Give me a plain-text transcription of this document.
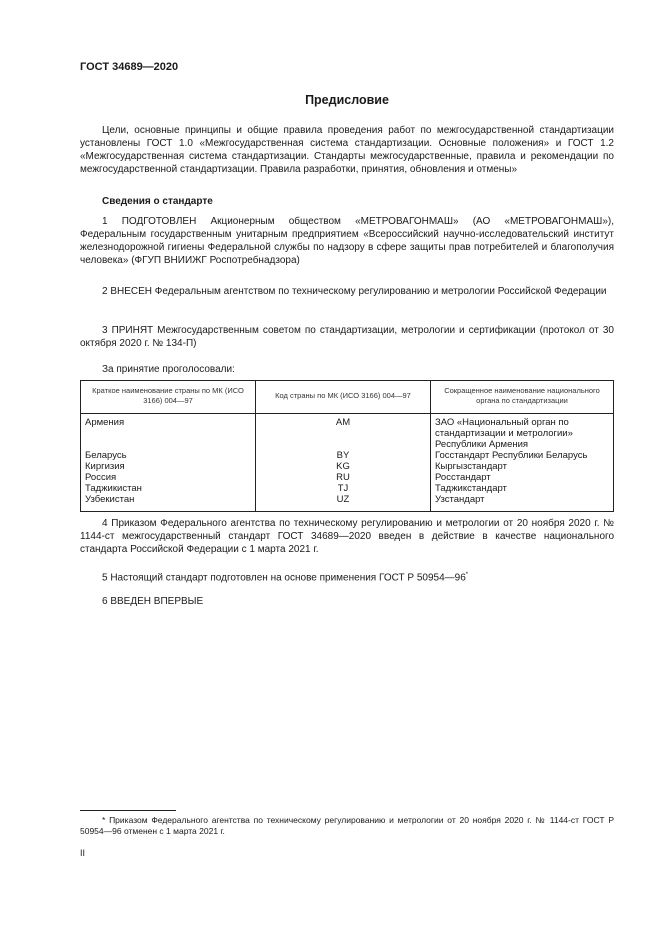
ГОСТ 34689—2020
Предисловие

Цели, основные принципы и общие правила проведения работ по межгосударственной стандартизации установлены ГОСТ 1.0 «Межгосударственная система стандартизации. Основные положения» и ГОСТ 1.2 «Межгосударственная система стандартизации. Стандарты межгосударственные, правила и рекомендации по межгосударственной стандартизации. Правила разработки, принятия, обновления и отмены»

Сведения о стандарте

1 ПОДГОТОВЛЕН Акционерным обществом «МЕТРОВАГОНМАШ» (АО «МЕТРОВАГОНМАШ»), Федеральным государственным унитарным предприятием «Всероссийский научно-исследовательский институт железнодорожной гигиены Федеральной службы по надзору в сфере защиты прав потребителей и благополучия человека» (ФГУП ВНИИЖГ Роспотребнадзора)

2 ВНЕСЕН Федеральным агентством по техническому регулированию и метрологии Российской Федерации

3 ПРИНЯТ Межгосударственным советом по стандартизации, метрологии и сертификации (протокол от 30 октября 2020 г. № 134-П)

За принятие проголосовали:
Краткое наименование страны по МК (ИСО 3166) 004—97	Код страны по МК (ИСО 3166) 004—97	Сокращенное наименование национального органа по стандартизации
Армения	AM	ЗАО «Национальный орган по стандартизации и метрологии» Республики Армения
Беларусь	BY	Госстандарт Республики Беларусь
Киргизия	KG	Кыргызстандарт
Россия	RU	Росстандарт
Таджикистан	TJ	Таджикстандарт
Узбекистан	UZ	Узстандарт

4 Приказом Федерального агентства по техническому регулированию и метрологии от 20 ноября 2020 г. № 1144-ст межгосударственный стандарт ГОСТ 34689—2020 введен в действие в качестве национального стандарта Российской Федерации с 1 марта 2021 г.

5 Настоящий стандарт подготовлен на основе применения ГОСТ Р 50954—96*

6 ВВЕДЕН ВПЕРВЫЕ

* Приказом Федерального агентства по техническому регулированию и метрологии от 20 ноября 2020 г. № 1144-ст ГОСТ Р 50954—96 отменен с 1 марта 2021 г.

II
